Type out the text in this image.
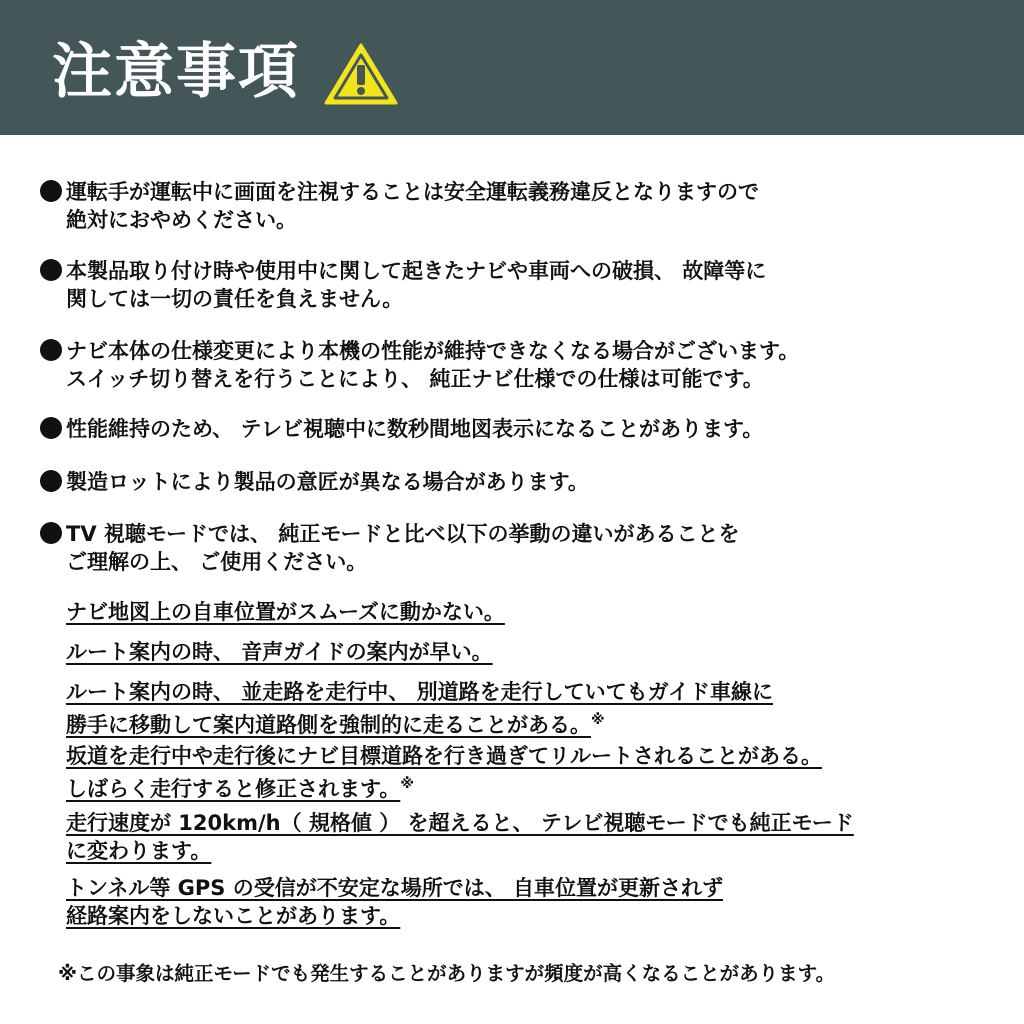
注意事項
運転手が運転中に画面を注視することは安全運転義務違反となりますので
絶対におやめください。
本製品取り付け時や使用中に関して起きたナビや車両への破損、 故障等に
関しては一切の責任を負えません。
ナビ本体の仕様変更により本機の性能が維持できなくなる場合がございます。
スイッチ切り替えを行うことにより、 純正ナビ仕様での仕様は可能です。
性能維持のため、 テレビ視聴中に数秒間地図表示になることがあります。
製造ロットにより製品の意匠が異なる場合があります。
TV 視聴モードでは、 純正モードと比べ以下の挙動の違いがあることを
ご理解の上、 ご使用ください。
ナビ地図上の自車位置がスムーズに動かない。
ルート案内の時、 音声ガイドの案内が早い。
ルート案内の時、 並走路を走行中、 別道路を走行していてもガイド車線に
勝手に移動して案内道路側を強制的に走ることがある。※
坂道を走行中や走行後にナビ目標道路を行き過ぎてリルートされることがある。
しばらく走行すると修正されます。※
走行速度が 120km/h（ 規格値 ） を超えると、 テレビ視聴モードでも純正モード
に変わります。
トンネル等 GPS の受信が不安定な場所では、 自車位置が更新されず
経路案内をしないことがあります。
※この事象は純正モードでも発生することがありますが頻度が高くなることがあります。
